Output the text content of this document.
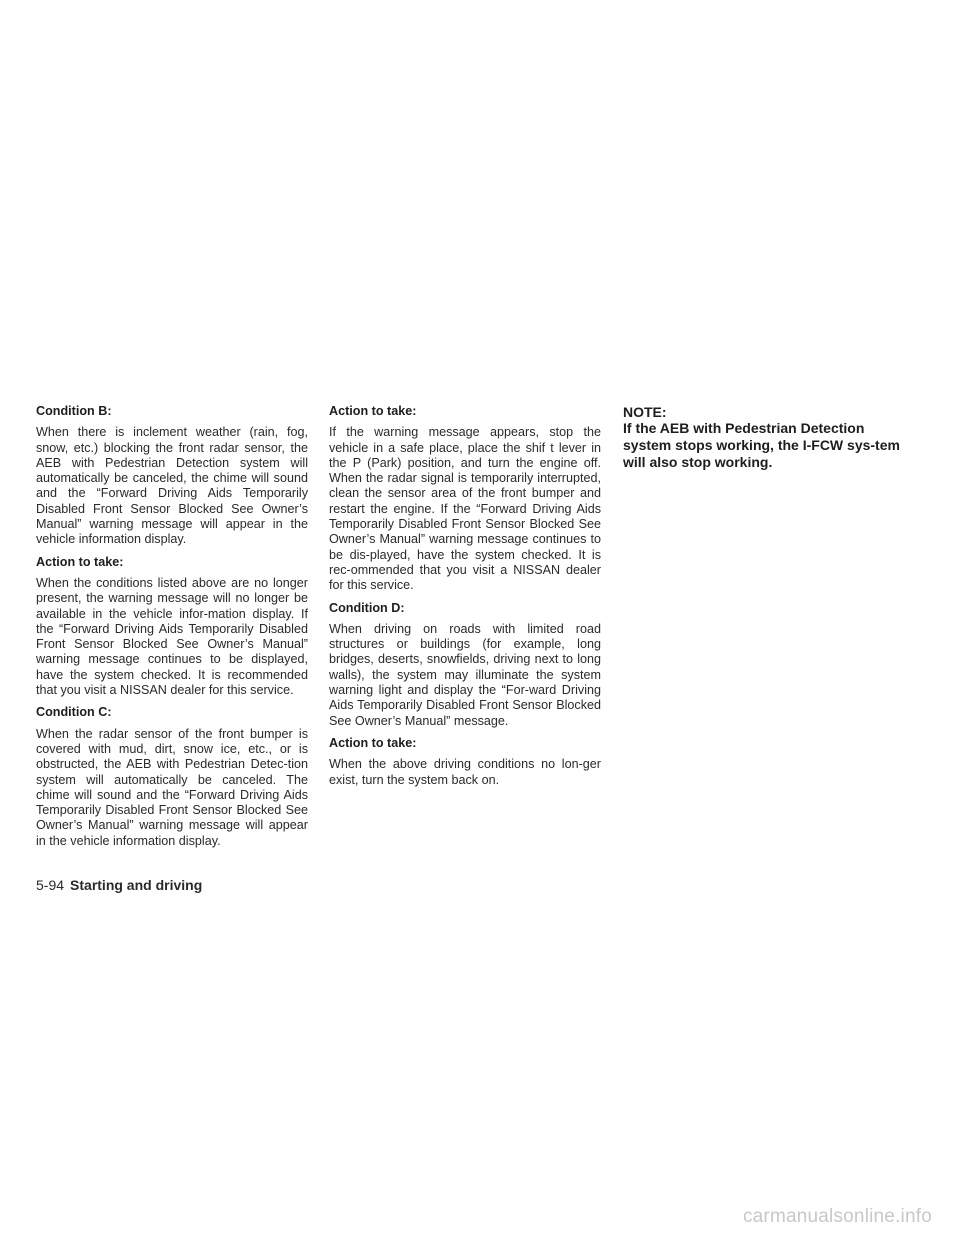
Condition B:

When there is inclement weather (rain, fog, snow, etc.) blocking the front radar sensor, the AEB with Pedestrian Detection system will automatically be canceled, the chime will sound and the “Forward Driving Aids Temporarily Disabled Front Sensor Blocked See Owner’s Manual” warning message will appear in the vehicle information display.

Action to take:

When the conditions listed above are no longer present, the warning message will no longer be available in the vehicle infor-mation display. If the “Forward Driving Aids Temporarily Disabled Front Sensor Blocked See Owner’s Manual” warning message continues to be displayed, have the system checked. It is recommended that you visit a NISSAN dealer for this service.

Condition C:

When the radar sensor of the front bumper is covered with mud, dirt, snow ice, etc., or is obstructed, the AEB with Pedestrian Detec-tion system will automatically be canceled. The chime will sound and the “Forward Driving Aids Temporarily Disabled Front Sensor Blocked See Owner’s Manual” warning message will appear in the vehicle information display.

Action to take:

If the warning message appears, stop the vehicle in a safe place, place the shif t lever in the P (Park) position, and turn the engine off. When the radar signal is temporarily interrupted, clean the sensor area of the front bumper and restart the engine. If the “Forward Driving Aids Temporarily Disabled Front Sensor Blocked See Owner’s Manual” warning message continues to be dis-played, have the system checked. It is rec-ommended that you visit a NISSAN dealer for this service.

Condition D:

When driving on roads with limited road structures or buildings (for example, long bridges, deserts, snowfields, driving next to long walls), the system may illuminate the system warning light and display the “For-ward Driving Aids Temporarily Disabled Front Sensor Blocked See Owner’s Manual” message.

Action to take:

When the above driving conditions no lon-ger exist, turn the system back on.

NOTE:
If the AEB with Pedestrian Detection system stops working, the I-FCW sys-tem will also stop working.
5-94 Starting and driving
carmanualsonline.info
